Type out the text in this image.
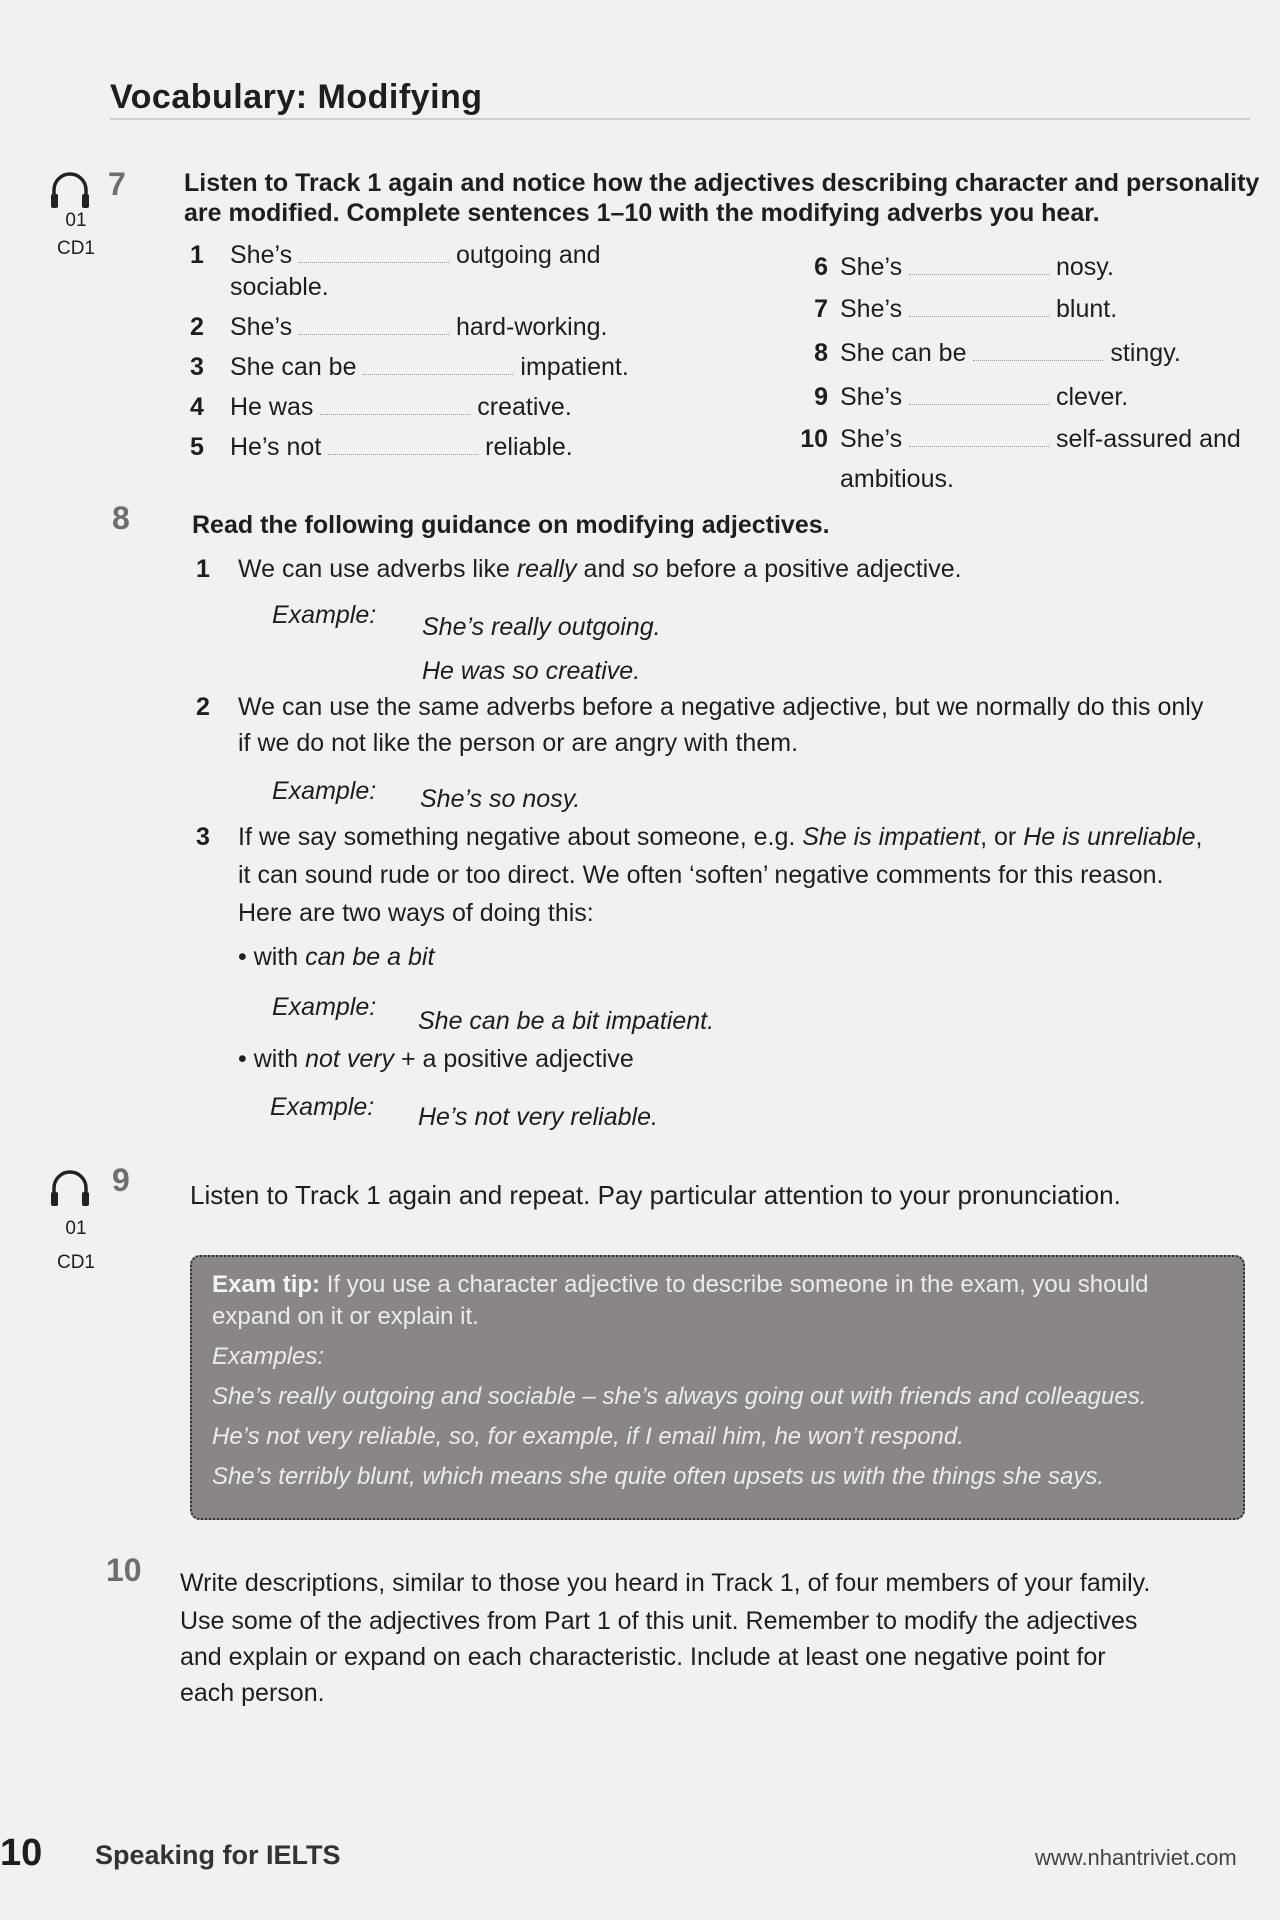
Vocabulary: Modifying
01
CD1
7 Listen to Track 1 again and notice how the adjectives describing character and personality
are modified. Complete sentences 1–10 with the modifying adverbs you hear.
1 She’s	outgoing and
sociable.
2 She’s	hard-working.
3 She can be	impatient.
4 He was	creative.
5 He’s not	reliable.
6 She’s	nosy.
7 She’s	blunt.
8 She can be	stingy.
9 She’s	clever.
10 She’s	self-assured and
ambitious.
8 Read the following guidance on modifying adjectives.
1 We can use adverbs like really and so before a positive adjective.
Example: She’s really outgoing.
He was so creative.
2 We can use the same adverbs before a negative adjective, but we normally do this only
if we do not like the person or are angry with them.
Example: She’s so nosy.
3 If we say something negative about someone, e.g. She is impatient, or He is unreliable,
it can sound rude or too direct. We often ‘soften’ negative comments for this reason.
Here are two ways of doing this:
• with can be a bit
Example: She can be a bit impatient.
• with not very + a positive adjective
Example: He’s not very reliable.
01
CD1
9 Listen to Track 1 again and repeat. Pay particular attention to your pronunciation.
Exam tip: If you use a character adjective to describe someone in the exam, you should
expand on it or explain it.
Examples:
She’s really outgoing and sociable – she’s always going out with friends and colleagues.
He’s not very reliable, so, for example, if I email him, he won’t respond.
She’s terribly blunt, which means she quite often upsets us with the things she says.
10 Write descriptions, similar to those you heard in Track 1, of four members of your family.
Use some of the adjectives from Part 1 of this unit. Remember to modify the adjectives
and explain or expand on each characteristic. Include at least one negative point for
each person.
10 Speaking for IELTS	www.nhantriviet.com
